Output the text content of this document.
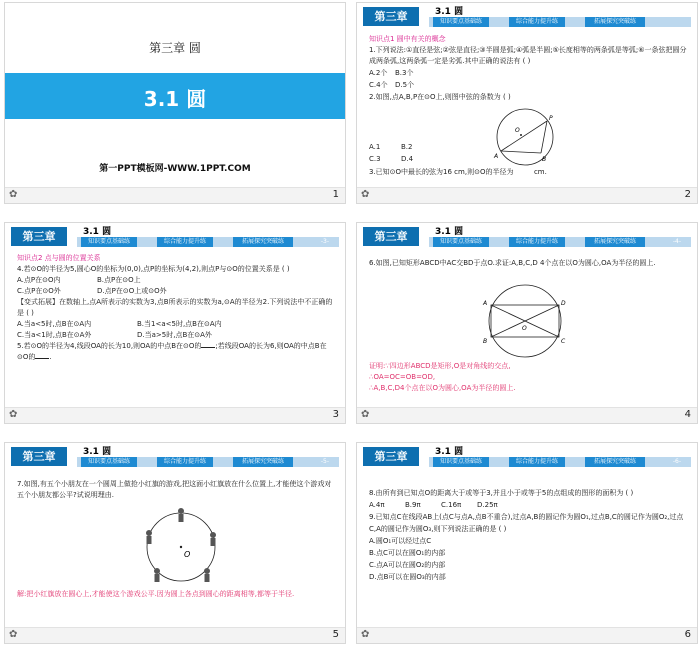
第三章 圆
3.1 圆
第一PPT模板网-WWW.1PPT.COM
✿	1
第三章	3.1 圆
知识要点基础练	综合能力提升练	拓展探究突破练
知识点1 圆中有关的概念
1.下列说法:①直径是弦;②弦是直径;③半圆是弧;④弧是半圆;⑤长度相等的两条弧是等弧;⑥一条弦把圆分成两条弧,这两条弧一定是劣弧.其中正确的说法有 ( )
A.2个	B.3个
C.4个	D.5个
2.如图,点A,B,P在⊙O上,则图中弦的条数为 ( )
O
A	B
P
A.1	B.2
C.3	D.4
3.已知⊙O中最长的弦为16 cm,则⊙O的半径为	cm.
✿	2
第三章	3.1 圆
知识要点基础练	综合能力提升练	拓展探究突破练	-3-
知识点2 点与圆的位置关系
4.若⊙O的半径为5,圆心O的坐标为(0,0),点P的坐标为(4,2),则点P与⊙O的位置关系是 ( )
A.点P在⊙O内	B.点P在⊙O上
C.点P在⊙O外	D.点P在⊙O上或⊙O外
【变式拓展】在数轴上,点A所表示的实数为3,点B所表示的实数为a,⊙A的半径为2.下列说法中不正确的是 ( )
A.当a<5时,点B在⊙A内	B.当1<a<5时,点B在⊙A内
C.当a<1时,点B在⊙A外	D.当a>5时,点B在⊙A外
5.若⊙O的半径为4,线段OA的长为10,则OA的中点B在⊙O的 ;若线段OA的长为6,则OA的中点B在⊙O的 .
✿	3
第三章	3.1 圆
知识要点基础练	综合能力提升练	拓展探究突破练	-4-
6.如图,已知矩形ABCD中AC交BD于点O.求证:A,B,C,D 4个点在以O为圆心,OA为半径的圆上.
A	D
B	C
O
证明:∵四边形ABCD是矩形,O是对角线的交点,
∴OA=OC=OB=OD,
∴A,B,C,D4个点在以O为圆心,OA为半径的圆上.
✿	4
第三章	3.1 圆
知识要点基础练	综合能力提升练	拓展探究突破练	-5-
7.如图,有五个小朋友在一个圆周上做抢小红旗的游戏,把这面小红旗放在什么位置上,才能使这个游戏对五个小朋友都公平?试说明理由.
O
解:把小红旗放在圆心上,才能使这个游戏公平.因为圆上各点到圆心的距离相等,都等于半径.
✿	5
第三章	3.1 圆
知识要点基础练	综合能力提升练	拓展探究突破练	-6-
8.由所有到已知点O的距离大于或等于3,并且小于或等于5的点组成的图形的面积为 ( )
A.4π	B.9π	C.16π	D.25π
9.已知点C在线段AB上(点C与点A,点B不重合),过点A,B的圆记作为圆O₁,过点B,C的圆记作为圆O₂,过点C,A的圆记作为圆O₃,则下列说法正确的是 ( )
A.圆O₁可以经过点C
B.点C可以在圆O₁的内部
C.点A可以在圆O₂的内部
D.点B可以在圆O₃的内部
✿	6
